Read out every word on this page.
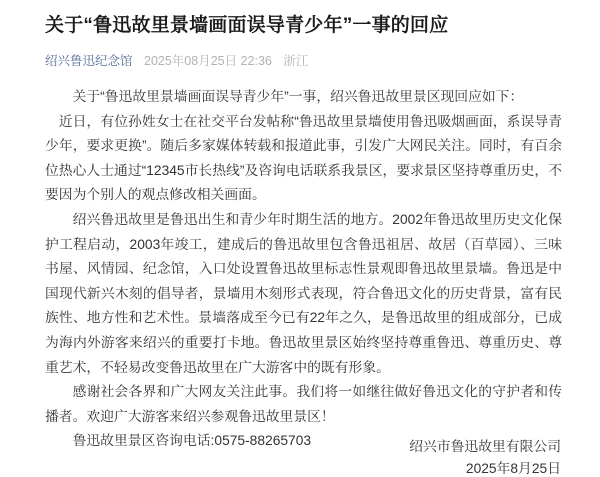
关于“鲁迅故里景墙画面误导青少年”一事的回应
绍兴鲁迅纪念馆 2025年08月25日 22:36 浙江

关于“鲁迅故里景墙画面误导青少年”一事，绍兴鲁迅故里景区现回应如下：

近日，有位孙姓女士在社交平台发帖称“鲁迅故里景墙使用鲁迅吸烟画面，系误导青少年，要求更换”。随后多家媒体转载和报道此事，引发广大网民关注。同时，有百余位热心人士通过“12345市长热线”及咨询电话联系我景区，要求景区坚持尊重历史，不要因为个别人的观点修改相关画面。

绍兴鲁迅故里是鲁迅出生和青少年时期生活的地方。2002年鲁迅故里历史文化保护工程启动，2003年竣工，建成后的鲁迅故里包含鲁迅祖居、故居（百草园）、三味书屋、风情园、纪念馆，入口处设置鲁迅故里标志性景观即鲁迅故里景墙。鲁迅是中国现代新兴木刻的倡导者，景墙用木刻形式表现，符合鲁迅文化的历史背景，富有民族性、地方性和艺术性。景墙落成至今已有22年之久，是鲁迅故里的组成部分，已成为海内外游客来绍兴的重要打卡地。鲁迅故里景区始终坚持尊重鲁迅、尊重历史、尊重艺术，不轻易改变鲁迅故里在广大游客中的既有形象。

感谢社会各界和广大网友关注此事。我们将一如继往做好鲁迅文化的守护者和传播者。欢迎广大游客来绍兴参观鲁迅故里景区！

鲁迅故里景区咨询电话:0575-88265703	绍兴市鲁迅故里有限公司
2025年8月25日
